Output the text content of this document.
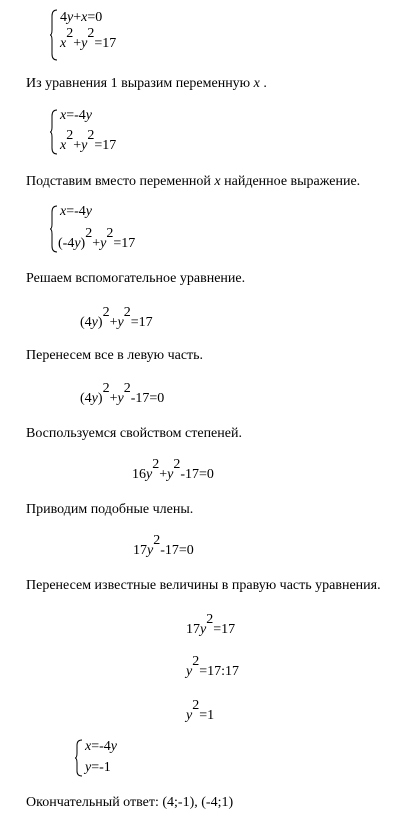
4y+x=0
$x^2+y^2=17$
Из уравнения 1 выразим переменную x .
x=-4y
$x^2+y^2=17$
Подставим вместо переменной x найденное выражение.
x=-4y
$(-4y)^2+y^2=17$
Решаем вспомогательное уравнение.
$(4y)^2+y^2=17$
Перенесем все в левую часть.
$(4y)^2+y^2-17=0$
Воспользуемся свойством степеней.
$16y^2+y^2-17=0$
Приводим подобные члены.
$17y^2-17=0$
Перенесем известные величины в правую часть уравнения.
$17y^2=17$
$y^2=17:17$
$y^2=1$
x=-4y
y=-1
Окончательный ответ: (4;-1), (-4;1)
